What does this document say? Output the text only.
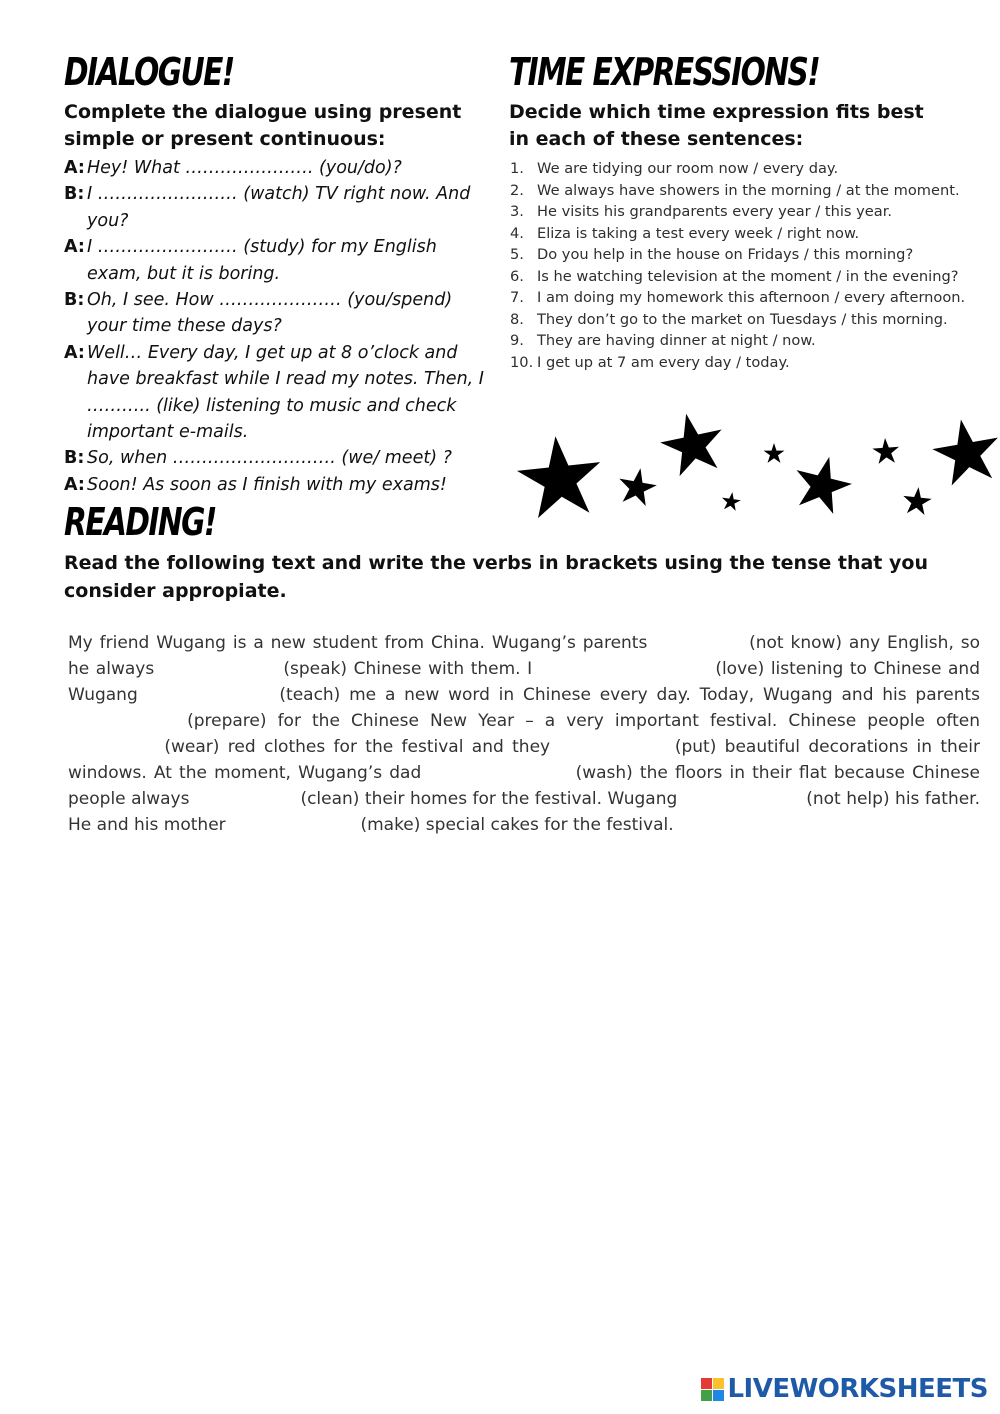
DIALOGUE!

Complete the dialogue using present simple or present continuous:

A: Hey! What …………………. (you/do)?
B: I …………………… (watch) TV right now. And you?
A: I …………………… (study) for my English exam, but it is boring.
B: Oh, I see. How ………………… (you/spend) your time these days?
A: Well… Every day, I get up at 8 o’clock and have breakfast while I read my notes. Then, I ……….. (like) listening to music and check important e-mails.
B: So, when ………………………. (we/ meet) ?
A: Soon! As soon as I finish with my exams!
TIME EXPRESSIONS!

Decide which time expression fits best in each of these sentences:

1. We are tidying our room now / every day.
2. We always have showers in the morning / at the moment.
3. He visits his grandparents every year / this year.
4. Eliza is taking a test every week / right now.
5. Do you help in the house on Fridays / this morning?
6. Is he watching television at the moment / in the evening?
7. I am doing my homework this afternoon / every afternoon.
8. They don’t go to the market on Tuesdays / this morning.
9. They are having dinner at night / now.
10. I get up at 7 am every day / today.
READING!

Read the following text and write the verbs in brackets using the tense that you consider appropiate.

My friend Wugang is a new student from China. Wugang’s parents	(not know) any English, so he always	(speak) Chinese with them. I	(love) listening to Chinese and Wugang	(teach) me a new word in Chinese every day. Today, Wugang and his parents  (prepare) for the Chinese New Year – a very important festival. Chinese people often  (wear) red clothes for the festival and they	(put) beautiful decorations in their windows. At the moment, Wugang’s dad	(wash) the floors in their flat because Chinese people always	(clean) their homes for the festival. Wugang	(not help) his father. He and his mother	(make) special cakes for the festival.

LIVEWORKSHEETS
